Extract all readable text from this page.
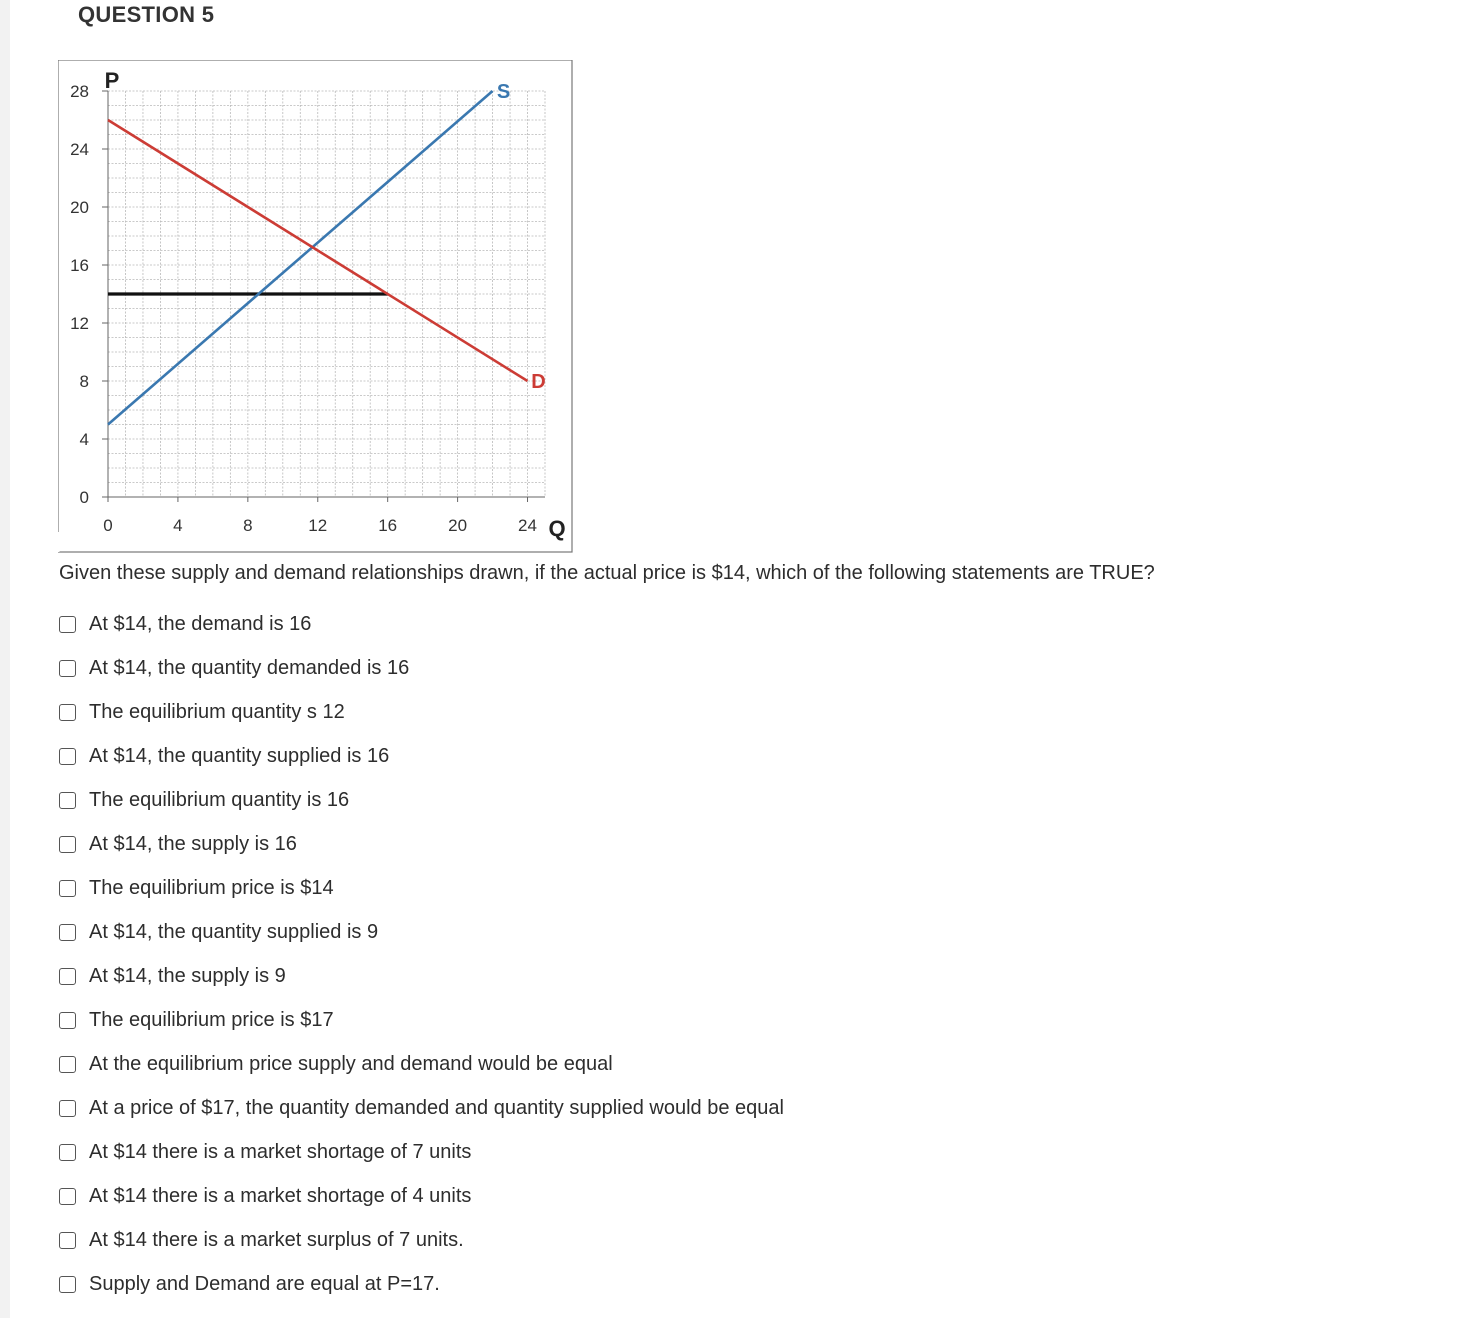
QUESTION 5
0
4
8
12
16
20
24
28
0	4	8	12	16	20	24
S
D
P
Q
Given these supply and demand relationships drawn, if the actual price is $14, which of the following statements are TRUE?
At $14, the demand is 16
At $14, the quantity demanded is 16
The equilibrium quantity s 12
At $14, the quantity supplied is 16
The equilibrium quantity is 16
At $14, the supply is 16
The equilibrium price is $14
At $14, the quantity supplied is 9
At $14, the supply is 9
The equilibrium price is $17
At the equilibrium price supply and demand would be equal
At a price of $17, the quantity demanded and quantity supplied would be equal
At $14 there is a market shortage of 7 units
At $14 there is a market shortage of 4 units
At $14 there is a market surplus of 7 units.
Supply and Demand are equal at P=17.
